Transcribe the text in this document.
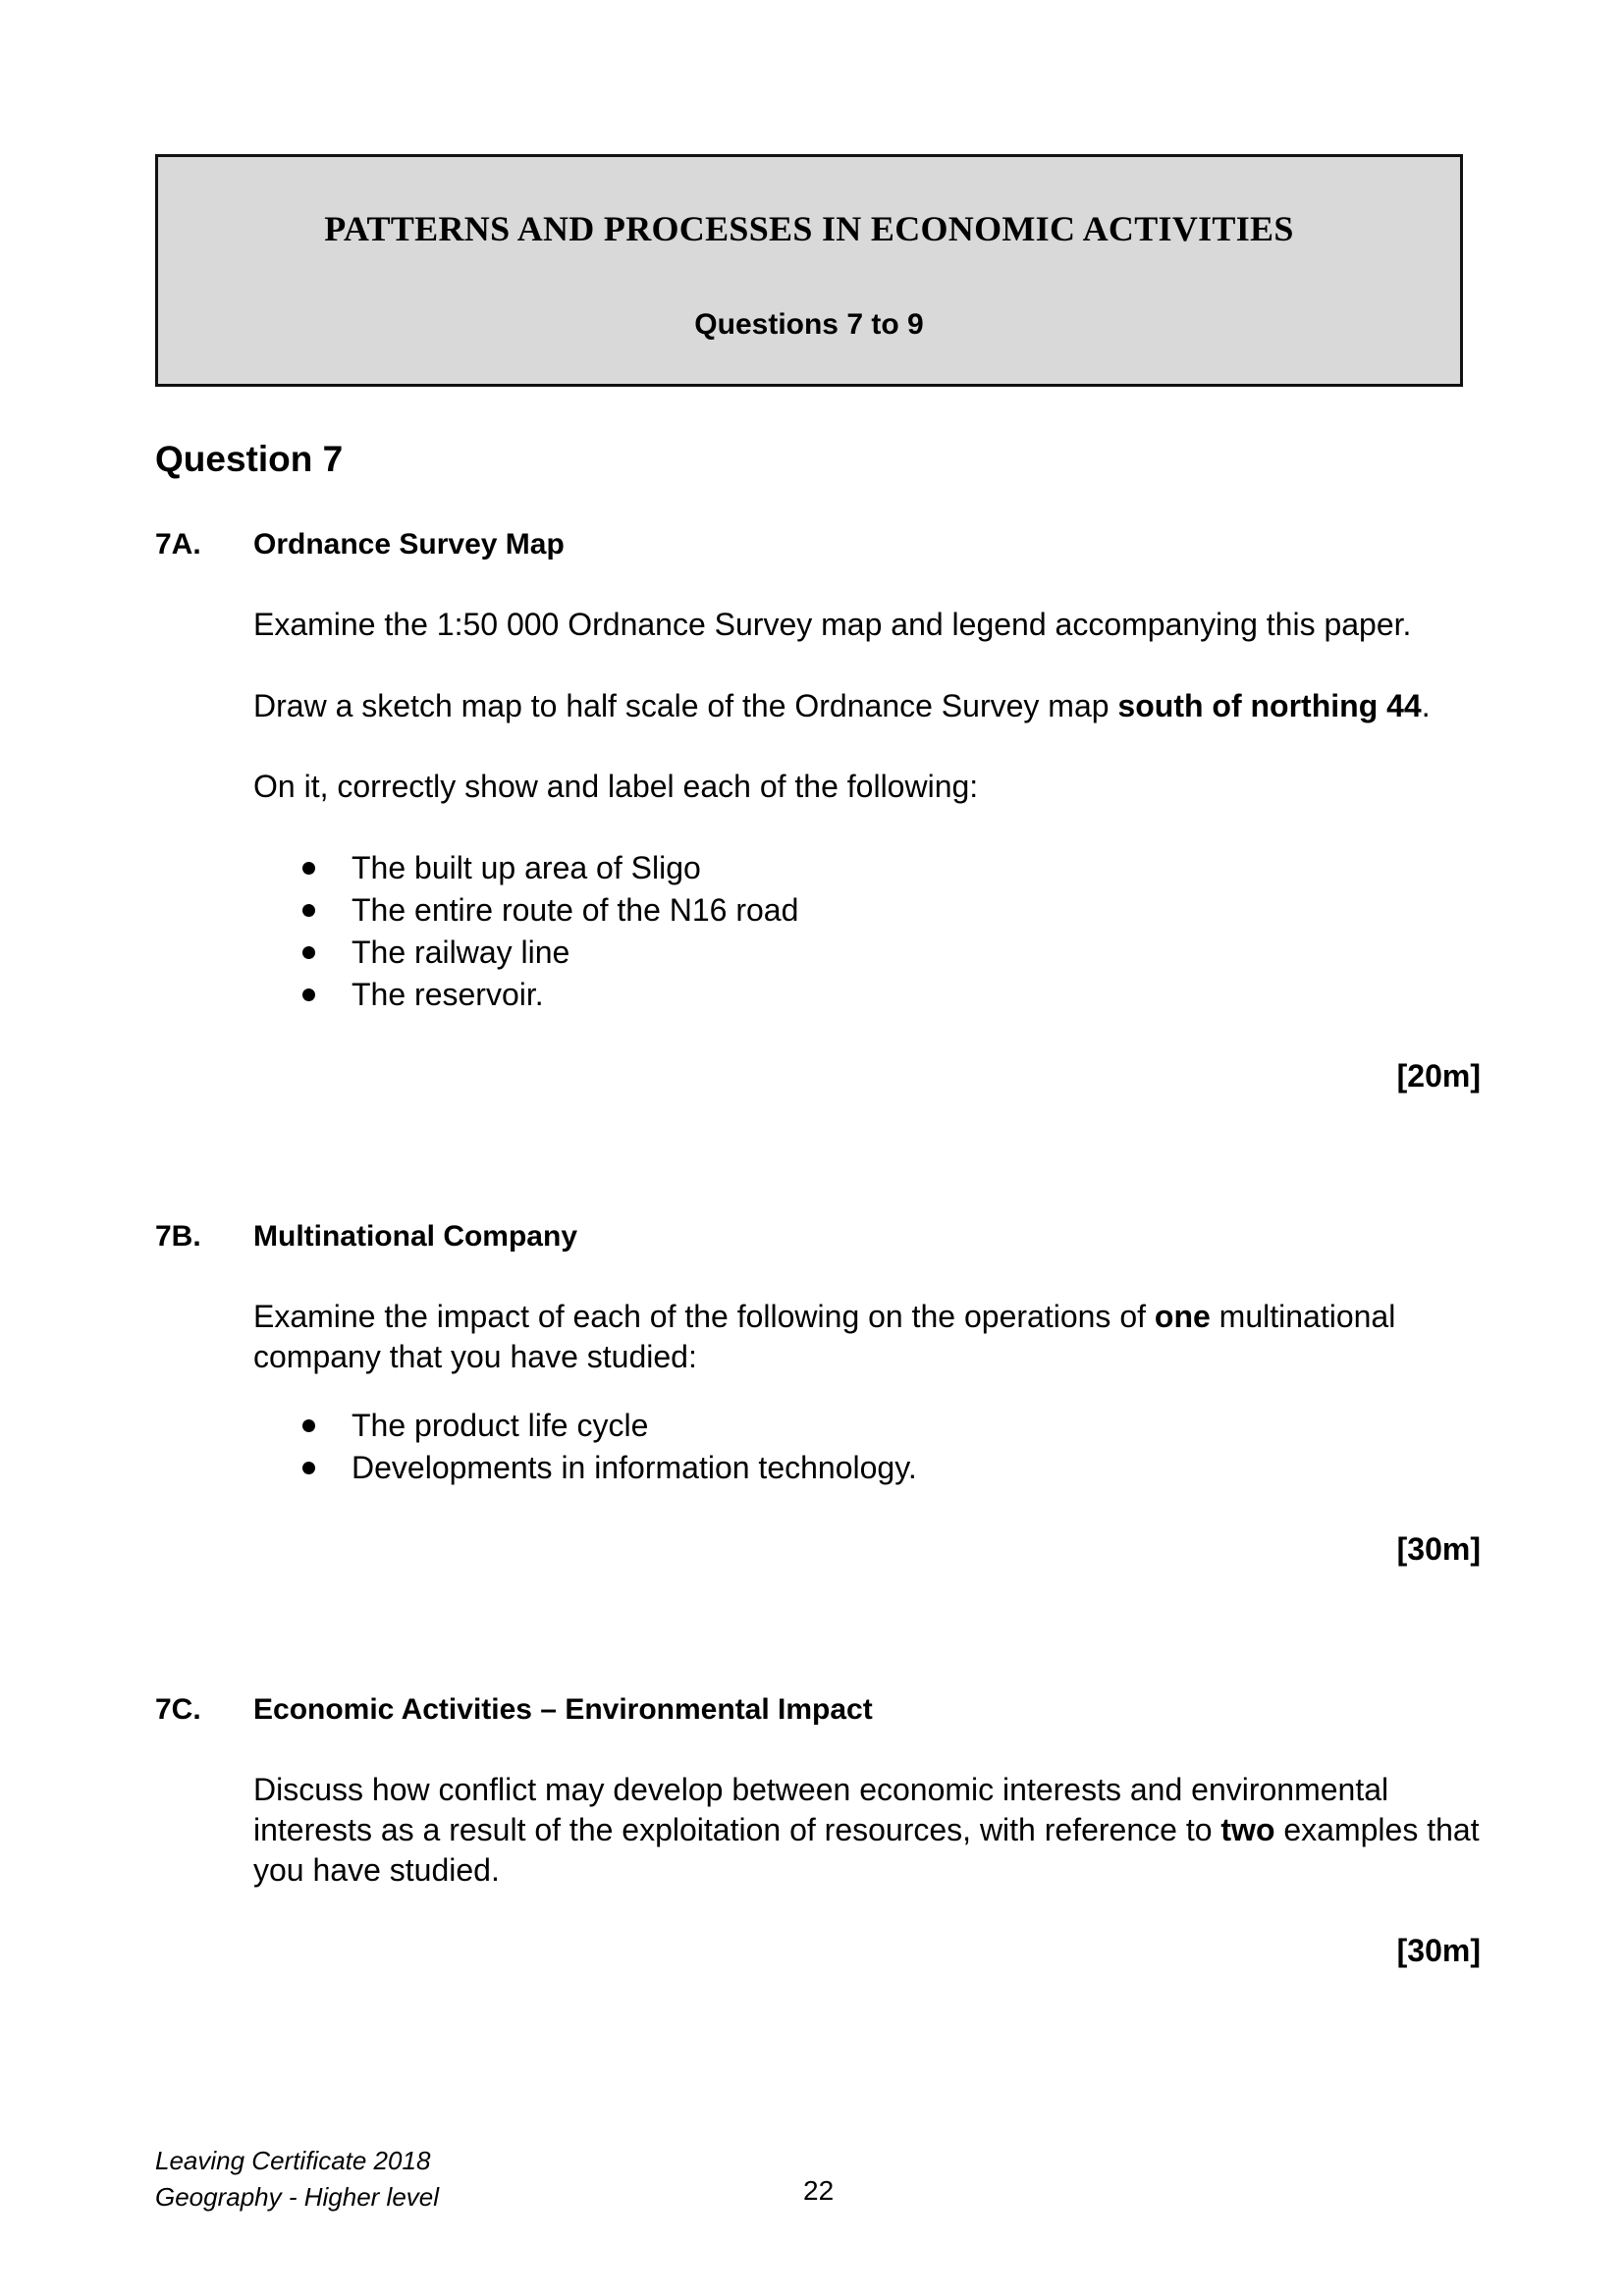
PATTERNS AND PROCESSES IN ECONOMIC ACTIVITIES
Questions 7 to 9
Question 7
7A. Ordnance Survey Map
Examine the 1:50 000 Ordnance Survey map and legend accompanying this paper.
Draw a sketch map to half scale of the Ordnance Survey map south of northing 44.
On it, correctly show and label each of the following:
The built up area of Sligo
The entire route of the N16 road
The railway line
The reservoir.
[20m]
7B. Multinational Company
Examine the impact of each of the following on the operations of one multinational company that you have studied:
The product life cycle
Developments in information technology.
[30m]
7C. Economic Activities – Environmental Impact
Discuss how conflict may develop between economic interests and environmental interests as a result of the exploitation of resources, with reference to two examples that you have studied.
[30m]
Leaving Certificate 2018
Geography - Higher level	22
